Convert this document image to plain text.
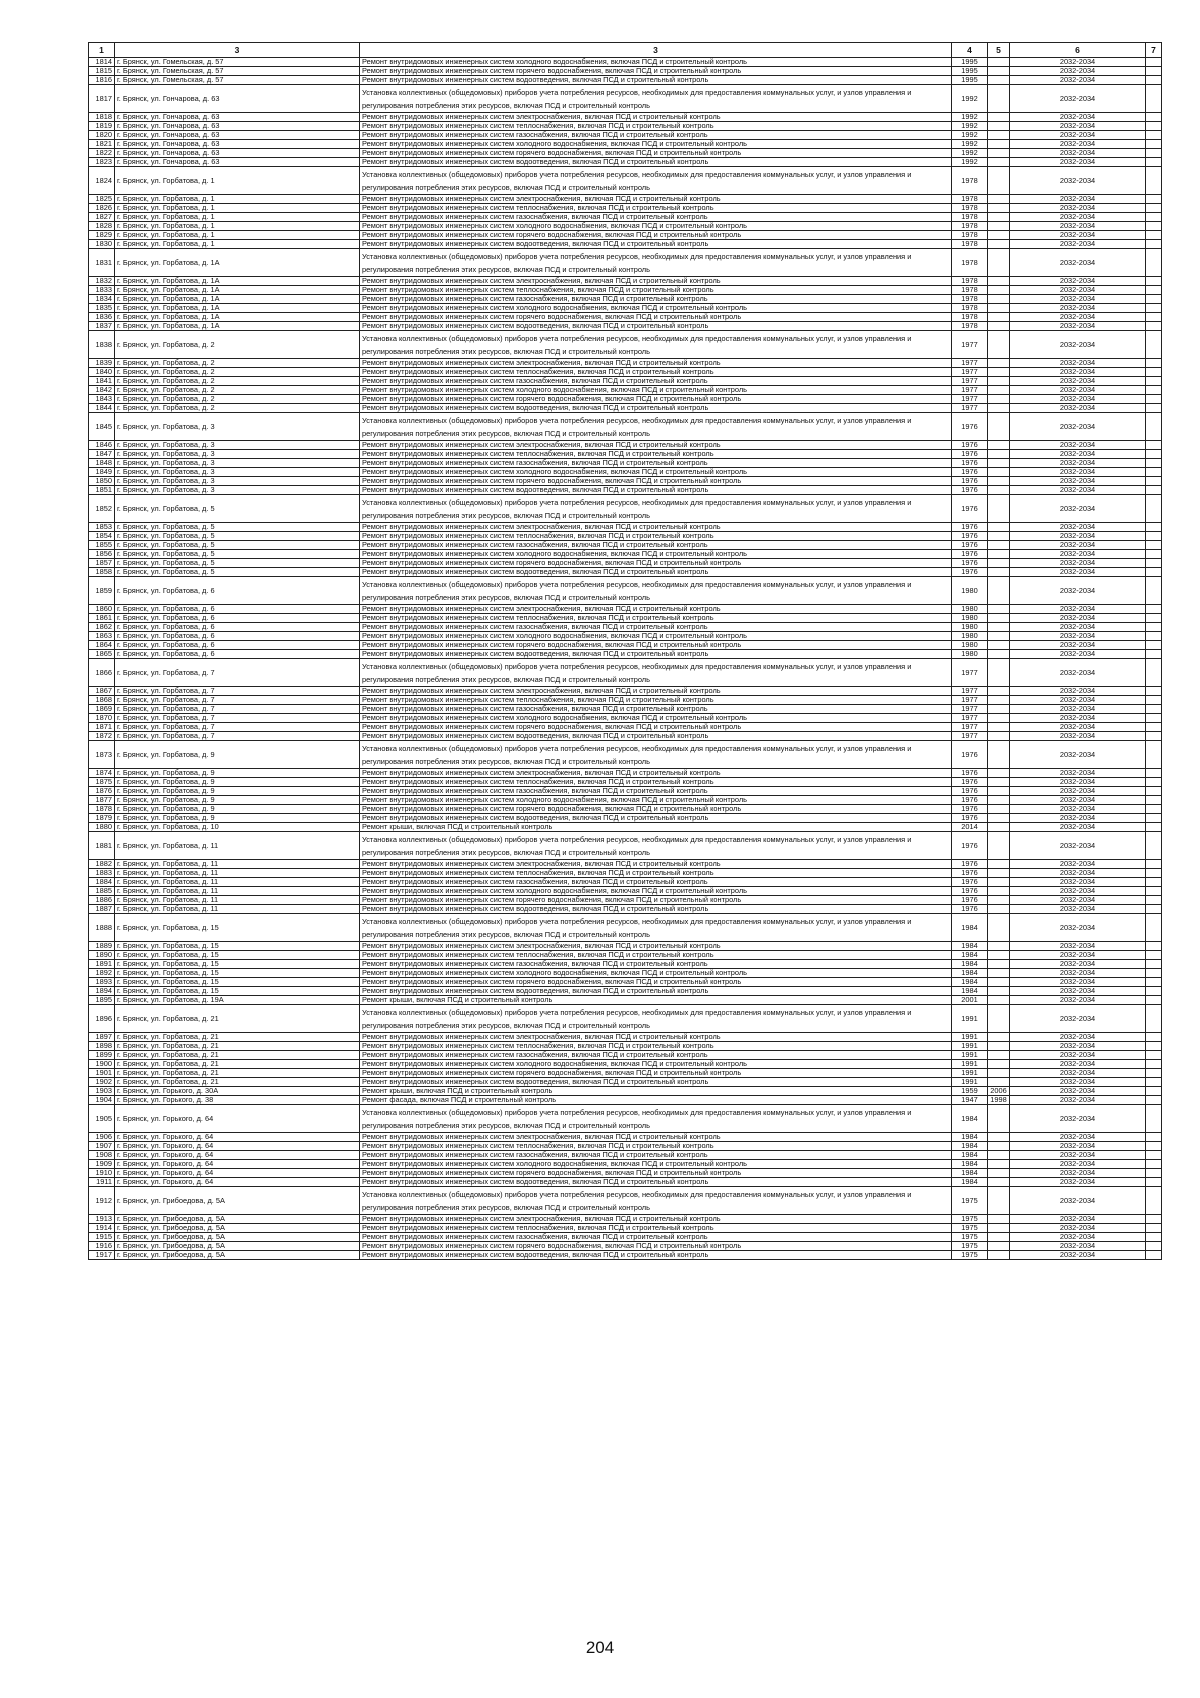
1	3	3	4	5	6	7
1814	г. Брянск, ул. Гомельская, д. 57	Ремонт внутридомовых инженерных систем холодного водоснабжения, включая ПСД и строительный контроль	1995		2032-2034	
1815	г. Брянск, ул. Гомельская, д. 57	Ремонт внутридомовых инженерных систем горячего водоснабжения, включая ПСД и строительный контроль	1995		2032-2034	
1816	г. Брянск, ул. Гомельская, д. 57	Ремонт внутридомовых инженерных систем водоотведения, включая ПСД и строительный контроль	1995		2032-2034	
1817	г. Брянск, ул. Гончарова, д. 63	Установка коллективных (общедомовых) приборов учета потребления ресурсов, необходимых для предоставления коммунальных услуг, и узлов управления и регулирования потребления этих ресурсов, включая ПСД и строительный контроль	1992		2032-2034	
1818	г. Брянск, ул. Гончарова, д. 63	Ремонт внутридомовых инженерных систем электроснабжения, включая ПСД и строительный контроль	1992		2032-2034	
1819	г. Брянск, ул. Гончарова, д. 63	Ремонт внутридомовых инженерных систем теплоснабжения, включая ПСД и строительный контроль	1992		2032-2034	
1820	г. Брянск, ул. Гончарова, д. 63	Ремонт внутридомовых инженерных систем газоснабжения, включая ПСД и строительный контроль	1992		2032-2034	
1821	г. Брянск, ул. Гончарова, д. 63	Ремонт внутридомовых инженерных систем холодного водоснабжения, включая ПСД и строительный контроль	1992		2032-2034	
1822	г. Брянск, ул. Гончарова, д. 63	Ремонт внутридомовых инженерных систем горячего водоснабжения, включая ПСД и строительный контроль	1992		2032-2034	
1823	г. Брянск, ул. Гончарова, д. 63	Ремонт внутридомовых инженерных систем водоотведения, включая ПСД и строительный контроль	1992		2032-2034	
1824	г. Брянск, ул. Горбатова, д. 1	Установка коллективных (общедомовых) приборов учета потребления ресурсов, необходимых для предоставления коммунальных услуг, и узлов управления и регулирования потребления этих ресурсов, включая ПСД и строительный контроль	1978		2032-2034	
1825	г. Брянск, ул. Горбатова, д. 1	Ремонт внутридомовых инженерных систем электроснабжения, включая ПСД и строительный контроль	1978		2032-2034	
1826	г. Брянск, ул. Горбатова, д. 1	Ремонт внутридомовых инженерных систем теплоснабжения, включая ПСД и строительный контроль	1978		2032-2034	
1827	г. Брянск, ул. Горбатова, д. 1	Ремонт внутридомовых инженерных систем газоснабжения, включая ПСД и строительный контроль	1978		2032-2034	
1828	г. Брянск, ул. Горбатова, д. 1	Ремонт внутридомовых инженерных систем холодного водоснабжения, включая ПСД и строительный контроль	1978		2032-2034	
1829	г. Брянск, ул. Горбатова, д. 1	Ремонт внутридомовых инженерных систем горячего водоснабжения, включая ПСД и строительный контроль	1978		2032-2034	
1830	г. Брянск, ул. Горбатова, д. 1	Ремонт внутридомовых инженерных систем водоотведения, включая ПСД и строительный контроль	1978		2032-2034	
1831	г. Брянск, ул. Горбатова, д. 1А	Установка коллективных (общедомовых) приборов учета потребления ресурсов, необходимых для предоставления коммунальных услуг, и узлов управления и регулирования потребления этих ресурсов, включая ПСД и строительный контроль	1978		2032-2034	
1832	г. Брянск, ул. Горбатова, д. 1А	Ремонт внутридомовых инженерных систем электроснабжения, включая ПСД и строительный контроль	1978		2032-2034	
1833	г. Брянск, ул. Горбатова, д. 1А	Ремонт внутридомовых инженерных систем теплоснабжения, включая ПСД и строительный контроль	1978		2032-2034	
1834	г. Брянск, ул. Горбатова, д. 1А	Ремонт внутридомовых инженерных систем газоснабжения, включая ПСД и строительный контроль	1978		2032-2034	
1835	г. Брянск, ул. Горбатова, д. 1А	Ремонт внутридомовых инженерных систем холодного водоснабжения, включая ПСД и строительный контроль	1978		2032-2034	
1836	г. Брянск, ул. Горбатова, д. 1А	Ремонт внутридомовых инженерных систем горячего водоснабжения, включая ПСД и строительный контроль	1978		2032-2034	
1837	г. Брянск, ул. Горбатова, д. 1А	Ремонт внутридомовых инженерных систем водоотведения, включая ПСД и строительный контроль	1978		2032-2034	
1838	г. Брянск, ул. Горбатова, д. 2	Установка коллективных (общедомовых) приборов учета потребления ресурсов, необходимых для предоставления коммунальных услуг, и узлов управления и регулирования потребления этих ресурсов, включая ПСД и строительный контроль	1977		2032-2034	
1839	г. Брянск, ул. Горбатова, д. 2	Ремонт внутридомовых инженерных систем электроснабжения, включая ПСД и строительный контроль	1977		2032-2034	
1840	г. Брянск, ул. Горбатова, д. 2	Ремонт внутридомовых инженерных систем теплоснабжения, включая ПСД и строительный контроль	1977		2032-2034	
1841	г. Брянск, ул. Горбатова, д. 2	Ремонт внутридомовых инженерных систем газоснабжения, включая ПСД и строительный контроль	1977		2032-2034	
1842	г. Брянск, ул. Горбатова, д. 2	Ремонт внутридомовых инженерных систем холодного водоснабжения, включая ПСД и строительный контроль	1977		2032-2034	
1843	г. Брянск, ул. Горбатова, д. 2	Ремонт внутридомовых инженерных систем горячего водоснабжения, включая ПСД и строительный контроль	1977		2032-2034	
1844	г. Брянск, ул. Горбатова, д. 2	Ремонт внутридомовых инженерных систем водоотведения, включая ПСД и строительный контроль	1977		2032-2034	
1845	г. Брянск, ул. Горбатова, д. 3	Установка коллективных (общедомовых) приборов учета потребления ресурсов, необходимых для предоставления коммунальных услуг, и узлов управления и регулирования потребления этих ресурсов, включая ПСД и строительный контроль	1976		2032-2034	
1846	г. Брянск, ул. Горбатова, д. 3	Ремонт внутридомовых инженерных систем электроснабжения, включая ПСД и строительный контроль	1976		2032-2034	
1847	г. Брянск, ул. Горбатова, д. 3	Ремонт внутридомовых инженерных систем теплоснабжения, включая ПСД и строительный контроль	1976		2032-2034	
1848	г. Брянск, ул. Горбатова, д. 3	Ремонт внутридомовых инженерных систем газоснабжения, включая ПСД и строительный контроль	1976		2032-2034	
1849	г. Брянск, ул. Горбатова, д. 3	Ремонт внутридомовых инженерных систем холодного водоснабжения, включая ПСД и строительный контроль	1976		2032-2034	
1850	г. Брянск, ул. Горбатова, д. 3	Ремонт внутридомовых инженерных систем горячего водоснабжения, включая ПСД и строительный контроль	1976		2032-2034	
1851	г. Брянск, ул. Горбатова, д. 3	Ремонт внутридомовых инженерных систем водоотведения, включая ПСД и строительный контроль	1976		2032-2034	
1852	г. Брянск, ул. Горбатова, д. 5	Установка коллективных (общедомовых) приборов учета потребления ресурсов, необходимых для предоставления коммунальных услуг, и узлов управления и регулирования потребления этих ресурсов, включая ПСД и строительный контроль	1976		2032-2034	
1853	г. Брянск, ул. Горбатова, д. 5	Ремонт внутридомовых инженерных систем электроснабжения, включая ПСД и строительный контроль	1976		2032-2034	
1854	г. Брянск, ул. Горбатова, д. 5	Ремонт внутридомовых инженерных систем теплоснабжения, включая ПСД и строительный контроль	1976		2032-2034	
1855	г. Брянск, ул. Горбатова, д. 5	Ремонт внутридомовых инженерных систем газоснабжения, включая ПСД и строительный контроль	1976		2032-2034	
1856	г. Брянск, ул. Горбатова, д. 5	Ремонт внутридомовых инженерных систем холодного водоснабжения, включая ПСД и строительный контроль	1976		2032-2034	
1857	г. Брянск, ул. Горбатова, д. 5	Ремонт внутридомовых инженерных систем горячего водоснабжения, включая ПСД и строительный контроль	1976		2032-2034	
1858	г. Брянск, ул. Горбатова, д. 5	Ремонт внутридомовых инженерных систем водоотведения, включая ПСД и строительный контроль	1976		2032-2034	
1859	г. Брянск, ул. Горбатова, д. 6	Установка коллективных (общедомовых) приборов учета потребления ресурсов, необходимых для предоставления коммунальных услуг, и узлов управления и регулирования потребления этих ресурсов, включая ПСД и строительный контроль	1980		2032-2034	
1860	г. Брянск, ул. Горбатова, д. 6	Ремонт внутридомовых инженерных систем электроснабжения, включая ПСД и строительный контроль	1980		2032-2034	
1861	г. Брянск, ул. Горбатова, д. 6	Ремонт внутридомовых инженерных систем теплоснабжения, включая ПСД и строительный контроль	1980		2032-2034	
1862	г. Брянск, ул. Горбатова, д. 6	Ремонт внутридомовых инженерных систем газоснабжения, включая ПСД и строительный контроль	1980		2032-2034	
1863	г. Брянск, ул. Горбатова, д. 6	Ремонт внутридомовых инженерных систем холодного водоснабжения, включая ПСД и строительный контроль	1980		2032-2034	
1864	г. Брянск, ул. Горбатова, д. 6	Ремонт внутридомовых инженерных систем горячего водоснабжения, включая ПСД и строительный контроль	1980		2032-2034	
1865	г. Брянск, ул. Горбатова, д. 6	Ремонт внутридомовых инженерных систем водоотведения, включая ПСД и строительный контроль	1980		2032-2034	
1866	г. Брянск, ул. Горбатова, д. 7	Установка коллективных (общедомовых) приборов учета потребления ресурсов, необходимых для предоставления коммунальных услуг, и узлов управления и регулирования потребления этих ресурсов, включая ПСД и строительный контроль	1977		2032-2034	
1867	г. Брянск, ул. Горбатова, д. 7	Ремонт внутридомовых инженерных систем электроснабжения, включая ПСД и строительный контроль	1977		2032-2034	
1868	г. Брянск, ул. Горбатова, д. 7	Ремонт внутридомовых инженерных систем теплоснабжения, включая ПСД и строительный контроль	1977		2032-2034	
1869	г. Брянск, ул. Горбатова, д. 7	Ремонт внутридомовых инженерных систем газоснабжения, включая ПСД и строительный контроль	1977		2032-2034	
1870	г. Брянск, ул. Горбатова, д. 7	Ремонт внутридомовых инженерных систем холодного водоснабжения, включая ПСД и строительный контроль	1977		2032-2034	
1871	г. Брянск, ул. Горбатова, д. 7	Ремонт внутридомовых инженерных систем горячего водоснабжения, включая ПСД и строительный контроль	1977		2032-2034	
1872	г. Брянск, ул. Горбатова, д. 7	Ремонт внутридомовых инженерных систем водоотведения, включая ПСД и строительный контроль	1977		2032-2034	
1873	г. Брянск, ул. Горбатова, д. 9	Установка коллективных (общедомовых) приборов учета потребления ресурсов, необходимых для предоставления коммунальных услуг, и узлов управления и регулирования потребления этих ресурсов, включая ПСД и строительный контроль	1976		2032-2034	
1874	г. Брянск, ул. Горбатова, д. 9	Ремонт внутридомовых инженерных систем электроснабжения, включая ПСД и строительный контроль	1976		2032-2034	
1875	г. Брянск, ул. Горбатова, д. 9	Ремонт внутридомовых инженерных систем теплоснабжения, включая ПСД и строительный контроль	1976		2032-2034	
1876	г. Брянск, ул. Горбатова, д. 9	Ремонт внутридомовых инженерных систем газоснабжения, включая ПСД и строительный контроль	1976		2032-2034	
1877	г. Брянск, ул. Горбатова, д. 9	Ремонт внутридомовых инженерных систем холодного водоснабжения, включая ПСД и строительный контроль	1976		2032-2034	
1878	г. Брянск, ул. Горбатова, д. 9	Ремонт внутридомовых инженерных систем горячего водоснабжения, включая ПСД и строительный контроль	1976		2032-2034	
1879	г. Брянск, ул. Горбатова, д. 9	Ремонт внутридомовых инженерных систем водоотведения, включая ПСД и строительный контроль	1976		2032-2034	
1880	г. Брянск, ул. Горбатова, д. 10	Ремонт крыши, включая ПСД и строительный контроль	2014		2032-2034	
1881	г. Брянск, ул. Горбатова, д. 11	Установка коллективных (общедомовых) приборов учета потребления ресурсов, необходимых для предоставления коммунальных услуг, и узлов управления и регулирования потребления этих ресурсов, включая ПСД и строительный контроль	1976		2032-2034	
1882	г. Брянск, ул. Горбатова, д. 11	Ремонт внутридомовых инженерных систем электроснабжения, включая ПСД и строительный контроль	1976		2032-2034	
1883	г. Брянск, ул. Горбатова, д. 11	Ремонт внутридомовых инженерных систем теплоснабжения, включая ПСД и строительный контроль	1976		2032-2034	
1884	г. Брянск, ул. Горбатова, д. 11	Ремонт внутридомовых инженерных систем газоснабжения, включая ПСД и строительный контроль	1976		2032-2034	
1885	г. Брянск, ул. Горбатова, д. 11	Ремонт внутридомовых инженерных систем холодного водоснабжения, включая ПСД и строительный контроль	1976		2032-2034	
1886	г. Брянск, ул. Горбатова, д. 11	Ремонт внутридомовых инженерных систем горячего водоснабжения, включая ПСД и строительный контроль	1976		2032-2034	
1887	г. Брянск, ул. Горбатова, д. 11	Ремонт внутридомовых инженерных систем водоотведения, включая ПСД и строительный контроль	1976		2032-2034	
1888	г. Брянск, ул. Горбатова, д. 15	Установка коллективных (общедомовых) приборов учета потребления ресурсов, необходимых для предоставления коммунальных услуг, и узлов управления и регулирования потребления этих ресурсов, включая ПСД и строительный контроль	1984		2032-2034	
1889	г. Брянск, ул. Горбатова, д. 15	Ремонт внутридомовых инженерных систем электроснабжения, включая ПСД и строительный контроль	1984		2032-2034	
1890	г. Брянск, ул. Горбатова, д. 15	Ремонт внутридомовых инженерных систем теплоснабжения, включая ПСД и строительный контроль	1984		2032-2034	
1891	г. Брянск, ул. Горбатова, д. 15	Ремонт внутридомовых инженерных систем газоснабжения, включая ПСД и строительный контроль	1984		2032-2034	
1892	г. Брянск, ул. Горбатова, д. 15	Ремонт внутридомовых инженерных систем холодного водоснабжения, включая ПСД и строительный контроль	1984		2032-2034	
1893	г. Брянск, ул. Горбатова, д. 15	Ремонт внутридомовых инженерных систем горячего водоснабжения, включая ПСД и строительный контроль	1984		2032-2034	
1894	г. Брянск, ул. Горбатова, д. 15	Ремонт внутридомовых инженерных систем водоотведения, включая ПСД и строительный контроль	1984		2032-2034	
1895	г. Брянск, ул. Горбатова, д. 19А	Ремонт крыши, включая ПСД и строительный контроль	2001		2032-2034	
1896	г. Брянск, ул. Горбатова, д. 21	Установка коллективных (общедомовых) приборов учета потребления ресурсов, необходимых для предоставления коммунальных услуг, и узлов управления и регулирования потребления этих ресурсов, включая ПСД и строительный контроль	1991		2032-2034	
1897	г. Брянск, ул. Горбатова, д. 21	Ремонт внутридомовых инженерных систем электроснабжения, включая ПСД и строительный контроль	1991		2032-2034	
1898	г. Брянск, ул. Горбатова, д. 21	Ремонт внутридомовых инженерных систем теплоснабжения, включая ПСД и строительный контроль	1991		2032-2034	
1899	г. Брянск, ул. Горбатова, д. 21	Ремонт внутридомовых инженерных систем газоснабжения, включая ПСД и строительный контроль	1991		2032-2034	
1900	г. Брянск, ул. Горбатова, д. 21	Ремонт внутридомовых инженерных систем холодного водоснабжения, включая ПСД и строительный контроль	1991		2032-2034	
1901	г. Брянск, ул. Горбатова, д. 21	Ремонт внутридомовых инженерных систем горячего водоснабжения, включая ПСД и строительный контроль	1991		2032-2034	
1902	г. Брянск, ул. Горбатова, д. 21	Ремонт внутридомовых инженерных систем водоотведения, включая ПСД и строительный контроль	1991		2032-2034	
1903	г. Брянск, ул. Горького, д. 30А	Ремонт крыши, включая ПСД и строительный контроль	1959	2006	2032-2034	
1904	г. Брянск, ул. Горького, д. 38	Ремонт фасада, включая ПСД и строительный контроль	1947	1998	2032-2034	
1905	г. Брянск, ул. Горького, д. 64	Установка коллективных (общедомовых) приборов учета потребления ресурсов, необходимых для предоставления коммунальных услуг, и узлов управления и регулирования потребления этих ресурсов, включая ПСД и строительный контроль	1984		2032-2034	
1906	г. Брянск, ул. Горького, д. 64	Ремонт внутридомовых инженерных систем электроснабжения, включая ПСД и строительный контроль	1984		2032-2034	
1907	г. Брянск, ул. Горького, д. 64	Ремонт внутридомовых инженерных систем теплоснабжения, включая ПСД и строительный контроль	1984		2032-2034	
1908	г. Брянск, ул. Горького, д. 64	Ремонт внутридомовых инженерных систем газоснабжения, включая ПСД и строительный контроль	1984		2032-2034	
1909	г. Брянск, ул. Горького, д. 64	Ремонт внутридомовых инженерных систем холодного водоснабжения, включая ПСД и строительный контроль	1984		2032-2034	
1910	г. Брянск, ул. Горького, д. 64	Ремонт внутридомовых инженерных систем горячего водоснабжения, включая ПСД и строительный контроль	1984		2032-2034	
1911	г. Брянск, ул. Горького, д. 64	Ремонт внутридомовых инженерных систем водоотведения, включая ПСД и строительный контроль	1984		2032-2034	
1912	г. Брянск, ул. Грибоедова, д. 5А	Установка коллективных (общедомовых) приборов учета потребления ресурсов, необходимых для предоставления коммунальных услуг, и узлов управления и регулирования потребления этих ресурсов, включая ПСД и строительный контроль	1975		2032-2034	
1913	г. Брянск, ул. Грибоедова, д. 5А	Ремонт внутридомовых инженерных систем электроснабжения, включая ПСД и строительный контроль	1975		2032-2034	
1914	г. Брянск, ул. Грибоедова, д. 5А	Ремонт внутридомовых инженерных систем теплоснабжения, включая ПСД и строительный контроль	1975		2032-2034	
1915	г. Брянск, ул. Грибоедова, д. 5А	Ремонт внутридомовых инженерных систем газоснабжения, включая ПСД и строительный контроль	1975		2032-2034	
1916	г. Брянск, ул. Грибоедова, д. 5А	Ремонт внутридомовых инженерных систем горячего водоснабжения, включая ПСД и строительный контроль	1975		2032-2034	
1917	г. Брянск, ул. Грибоедова, д. 5А	Ремонт внутридомовых инженерных систем водоотведения, включая ПСД и строительный контроль	1975		2032-2034	
204
